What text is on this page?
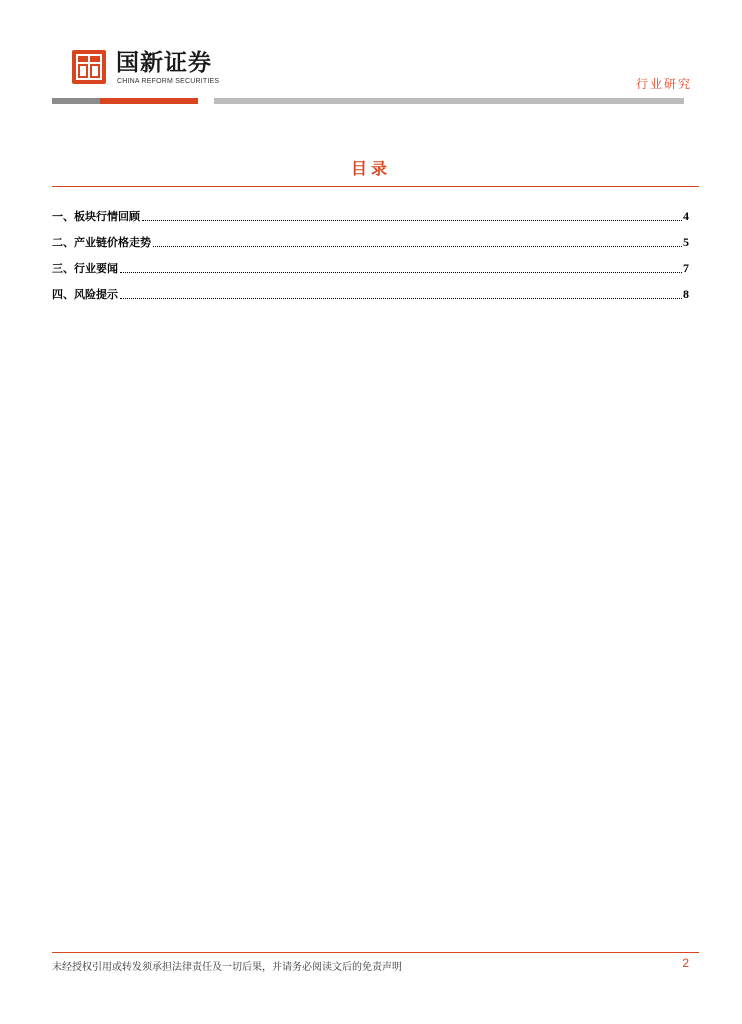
国新证券
CHINA REFORM SECURITIES	行业研究
目录
一、板块行情回顾	4
二、产业链价格走势	5
三、行业要闻	7
四、风险提示	8
未经授权引用或转发须承担法律责任及一切后果，并请务必阅读文后的免责声明	2
